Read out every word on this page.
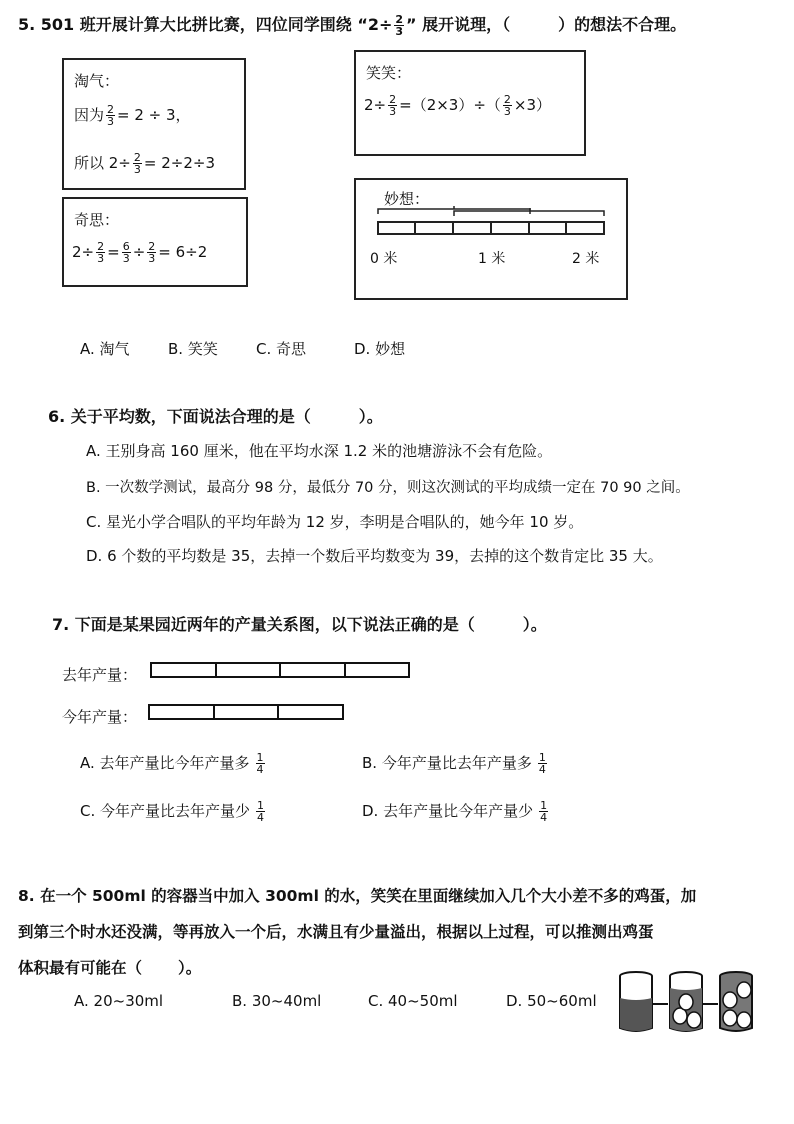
5. 501 班开展计算大比拼比赛，四位同学围绕 “$2\div \frac{2}{3}$ ” 展开说理，（	）的想法不合理。
淘气：
因为 $\frac{2}{3} = 2 \div 3$，
所以 $2\div \frac{2}{3} = 2\div 2\div 3$
奇思：
$2\div \frac{2}{3} = \frac{6}{3} \div \frac{2}{3} = 6\div 2$
笑笑：
$2\div \frac{2}{3} =(2\times 3)\div( \frac{2}{3} \times 3)$
妙想：
0 米	1 米	2 米
A. 淘气	B. 笑笑	C. 奇思	D. 妙想
6. 关于平均数，下面说法合理的是（	）。
A. 王别身高 160 厘米，他在平均水深 1.2 米的池塘游泳不会有危险。
B. 一次数学测试，最高分 98 分，最低分 70 分，则这次测试的平均成绩一定在 70 90 之间。
C. 星光小学合唱队的平均年龄为 12 岁，李明是合唱队的，她今年 10 岁。
D. 6 个数的平均数是 35，去掉一个数后平均数变为 39，去掉的这个数肯定比 35 大。
7. 下面是某果园近两年的产量关系图，以下说法正确的是（	）。
去年产量：
今年产量：
A. 去年产量比今年产量多 $\frac{1}{4}$	B. 今年产量比去年产量多 $\frac{1}{4}$
C. 今年产量比去年产量少 $\frac{1}{4}$	D. 去年产量比今年产量少 $\frac{1}{4}$
8. 在一个 500ml 的容器当中加入 300ml 的水，笑笑在里面继续加入几个大小差不多的鸡蛋，加
到第三个时水还没满，等再放入一个后，水满且有少量溢出，根据以上过程，可以推测出鸡蛋
体积最有可能在（ ）。
A. 20~30ml	B. 30~40ml	C. 40~50ml	D. 50~60ml
